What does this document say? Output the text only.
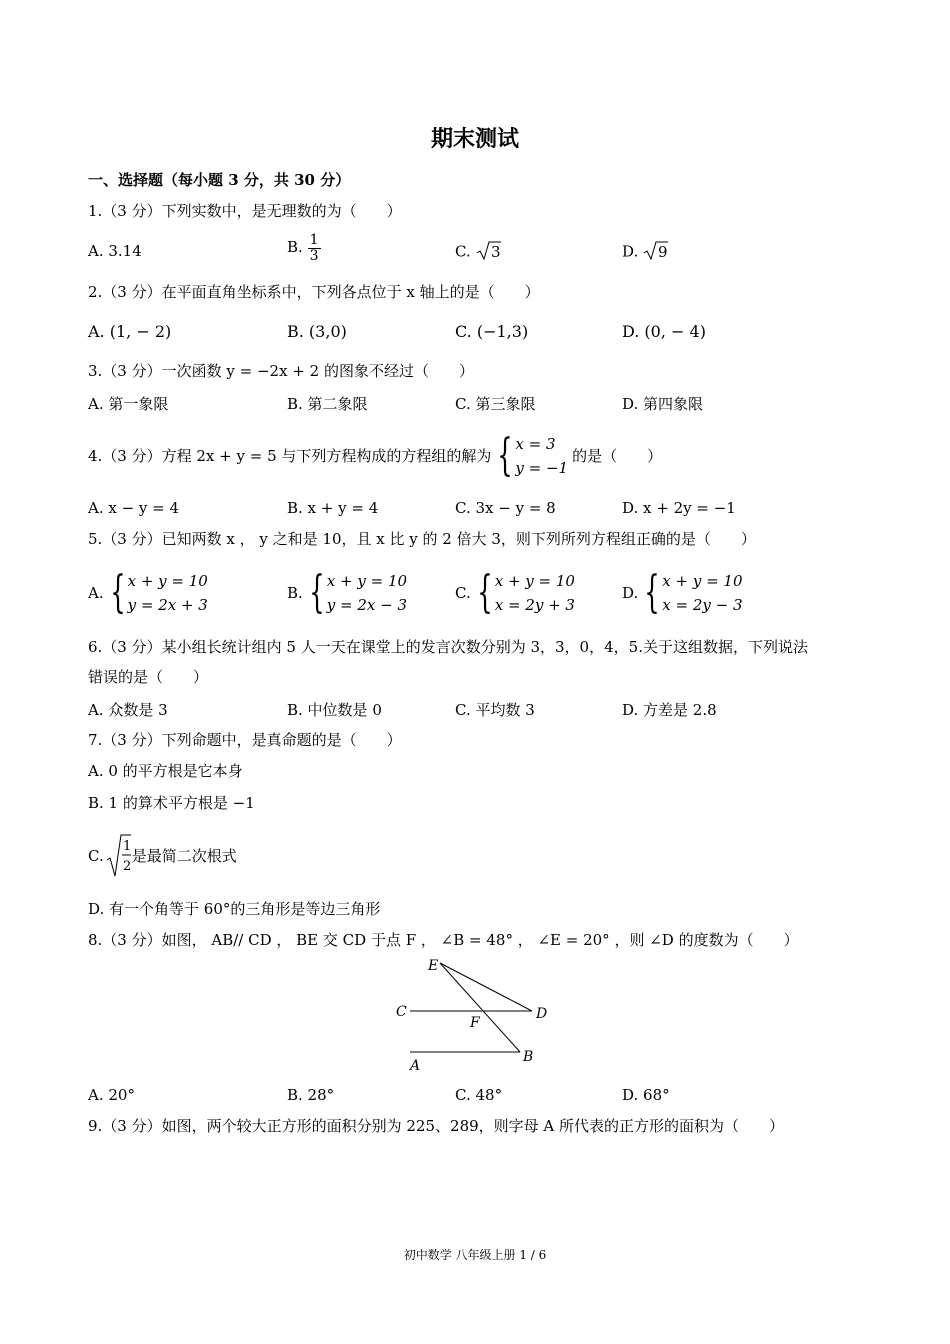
期末测试
一、选择题（每小题 3 分，共 30 分）
1.（3 分）下列实数中，是无理数的为（　　）
A. 3.14	B. $\frac{1}{3}$	C. 3	D. 9
2.（3 分）在平面直角坐标系中，下列各点位于 x 轴上的是（　　）
A. (1, − 2)	B. (3,0)	C. (−1,3)	D. (0, − 4)
3.（3 分）一次函数 y = −2x + 2 的图象不经过（　　）
A. 第一象限	B. 第二象限	C. 第三象限	D. 第四象限
4.（3 分）方程 2x + y = 5 与下列方程构成的方程组的解为 { x = 3
y = −1
的是（　　）
A. x − y = 4	B. x + y = 4	C. 3x − y = 8	D. x + 2y = −1
5.（3 分）已知两数 x ， y 之和是 10，且 x 比 y 的 2 倍大 3，则下列所列方程组正确的是（　　）
A. { x + y = 10
y = 2x + 3
B. { x + y = 10
y = 2x − 3
C. { x + y = 10
x = 2y + 3
D. { x + y = 10
x = 2y − 3
6.（3 分）某小组长统计组内 5 人一天在课堂上的发言次数分别为 3，3，0，4，5.关于这组数据，下列说法
错误的是（　　）
A. 众数是 3	B. 中位数是 0	C. 平均数 3	D. 方差是 2.8
7.（3 分）下列命题中，是真命题的是（　　）
A. 0 的平方根是它本身
B. 1 的算术平方根是 −1
C. 1
2
是最简二次根式
D. 有一个角等于 60°的三角形是等边三角形
8.（3 分）如图， AB// CD ， BE 交 CD 于点 F ， ∠B = 48° ， ∠E = 20° ，则 ∠D 的度数为（　　）
E
C
F
D
A
B
A. 20°	B. 28°	C. 48°	D. 68°
9.（3 分）如图，两个较大正方形的面积分别为 225、289，则字母 A 所代表的正方形的面积为（　　）
初中数学 八年级上册 1 / 6
